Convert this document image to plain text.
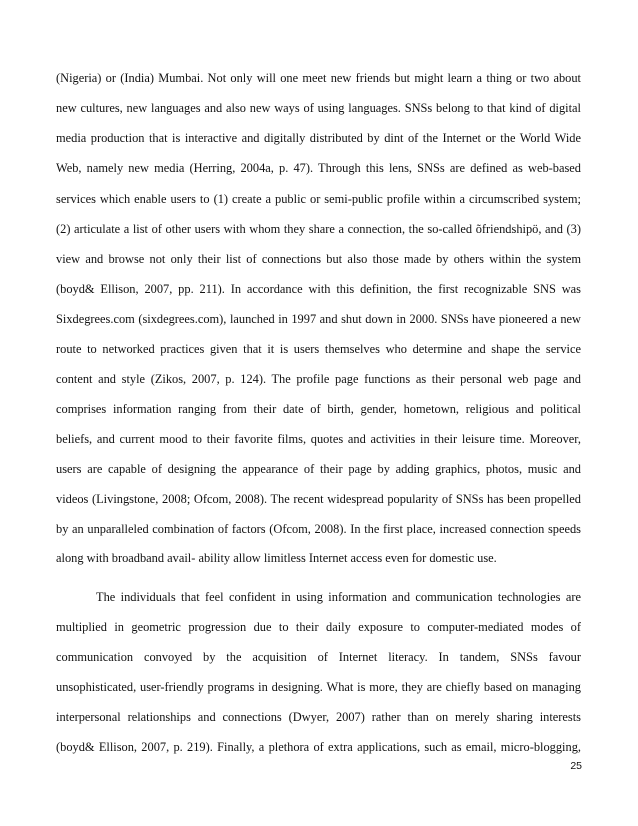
(Nigeria) or (India) Mumbai. Not only will one meet new friends but might learn a thing or two about
new cultures, new languages and also new ways of using languages. SNSs belong to that kind of digital
media production that is interactive and digitally distributed by dint of the Internet or the World Wide
Web, namely new media (Herring, 2004a, p. 47). Through this lens, SNSs are defined as web-based
services which enable users to (1) create a public or semi-public profile within a circumscribed system;
(2) articulate a list of other users with whom they share a connection, the so-called õfriendshipö, and (3)
view and browse not only their list of connections but also those made by others within the system
(boyd& Ellison, 2007, pp. 211). In accordance with this definition, the first recognizable SNS was
Sixdegrees.com (sixdegrees.com), launched in 1997 and shut down in 2000. SNSs have pioneered a new
route to networked practices given that it is users themselves who determine and shape the service
content and style (Zikos, 2007, p. 124). The profile page functions as their personal web page and
comprises information ranging from their date of birth, gender, hometown, religious and political
beliefs, and current mood to their favorite films, quotes and activities in their leisure time. Moreover,
users are capable of designing the appearance of their page by adding graphics, photos, music and
videos (Livingstone, 2008; Ofcom, 2008). The recent widespread popularity of SNSs has been propelled
by an unparalleled combination of factors (Ofcom, 2008). In the first place, increased connection speeds
along with broadband avail- ability allow limitless Internet access even for domestic use.
The individuals that feel confident in using information and communication technologies are
multiplied in geometric progression due to their daily exposure to computer-mediated modes of
communication convoyed by the acquisition of Internet literacy. In tandem, SNSs favour
unsophisticated, user-friendly programs in designing. What is more, they are chiefly based on managing
interpersonal relationships and connections (Dwyer, 2007) rather than on merely sharing interests
(boyd& Ellison, 2007, p. 219). Finally, a plethora of extra applications, such as email, micro-blogging,
25
